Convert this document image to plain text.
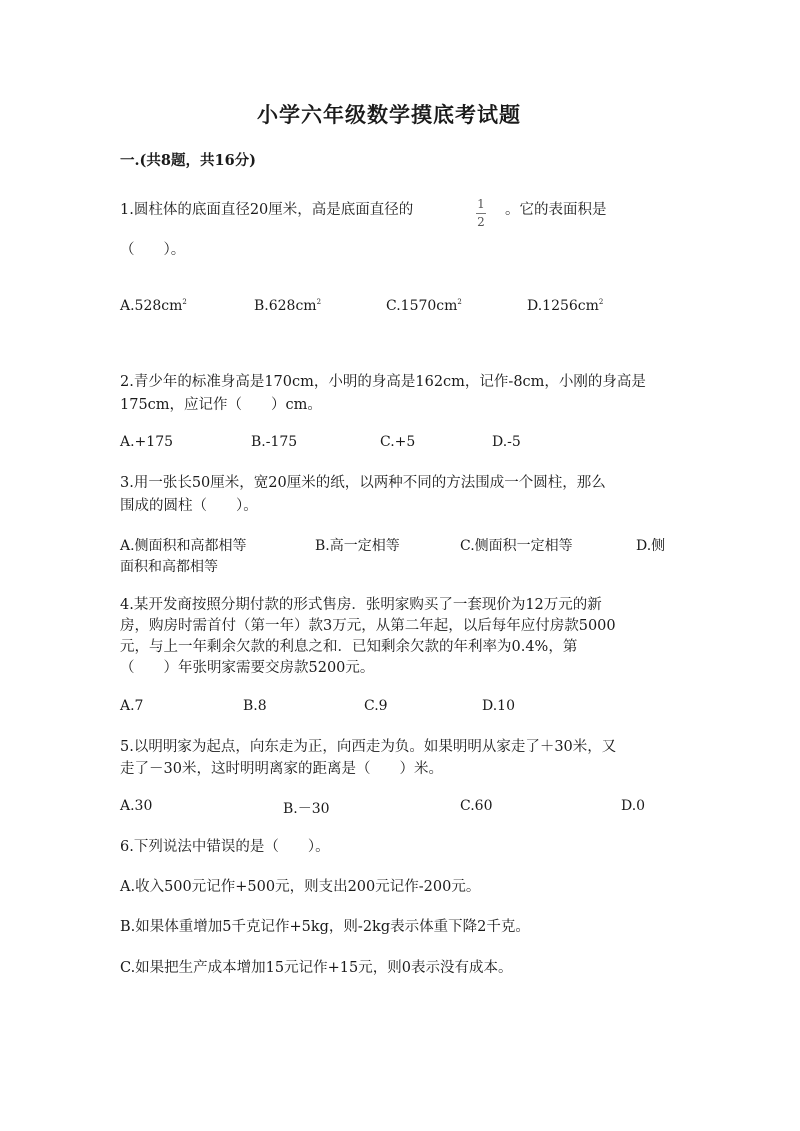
小学六年级数学摸底考试题
一.(共8题，共16分)
1.圆柱体的底面直径20厘米，高是底面直径的	1
2
。它的表面积是
（　　）。
$A.528cm^2$	$B.628cm^2$	$C.1570cm^2$	$D.1256cm^2$
2.青少年的标准身高是170cm，小明的身高是162cm，记作-8cm，小刚的身高是
175cm，应记作（　　）cm。
A.+175	B.-175	C.+5	D.-5
3.用一张长50厘米，宽20厘米的纸，以两种不同的方法围成一个圆柱，那么
围成的圆柱（　　）。
A.侧面积和高都相等	B.高一定相等	C.侧面积一定相等	D.侧
面积和高都相等
4.某开发商按照分期付款的形式售房．张明家购买了一套现价为12万元的新
房，购房时需首付（第一年）款3万元，从第二年起，以后每年应付房款5000
元，与上一年剩余欠款的利息之和．已知剩余欠款的年利率为0.4%，第
（　　）年张明家需要交房款5200元。
A.7	B.8	C.9	D.10
5.以明明家为起点，向东走为正，向西走为负。如果明明从家走了＋30米，又
走了－30米，这时明明离家的距离是（　　）米。
A.30	B.－30	C.60	D.0
6.下列说法中错误的是（　　）。
A.收入500元记作+500元，则支出200元记作-200元。
B.如果体重增加5千克记作+5kg，则-2kg表示体重下降2千克。
C.如果把生产成本增加15元记作+15元，则0表示没有成本。
